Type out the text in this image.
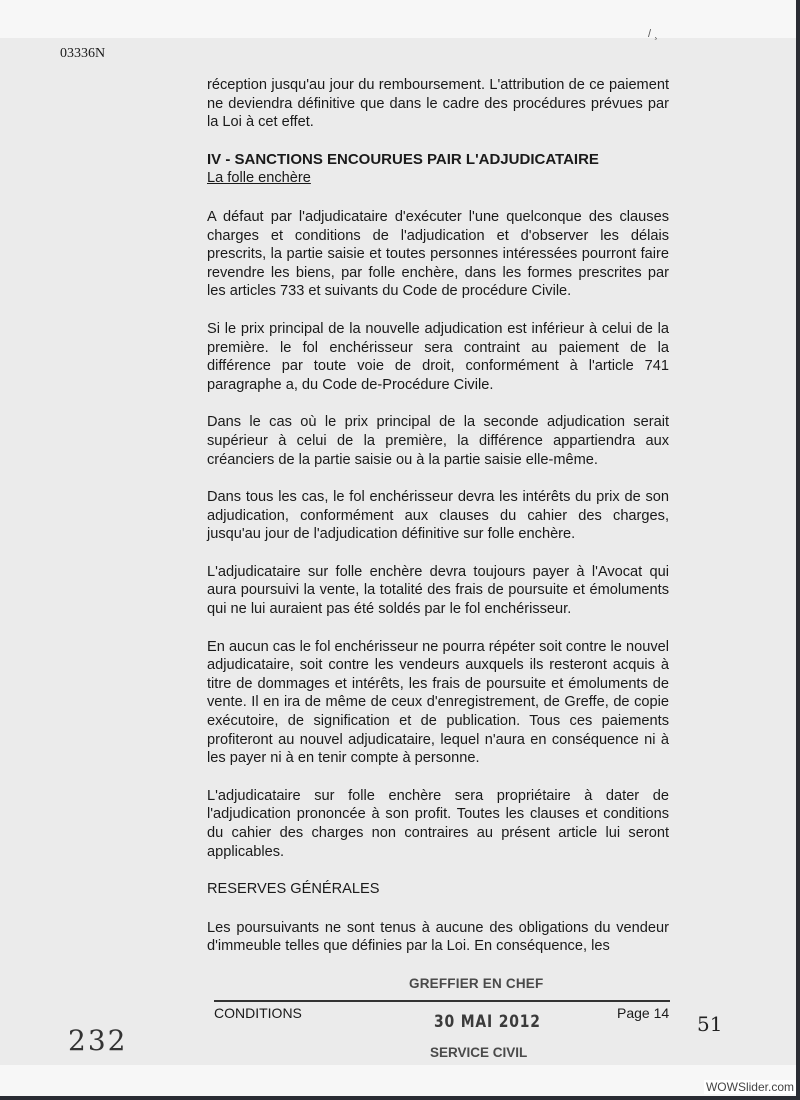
03336N
/ ¸

réception jusqu'au jour du remboursement. L'attribution de ce paiement ne deviendra définitive que dans le cadre des procédures prévues par la Loi à cet effet.

IV - SANCTIONS ENCOURUES PAIR L'ADJUDICATAIRE
La folle enchère

A défaut par l'adjudicataire d'exécuter l'une quelconque des clauses charges et conditions de l'adjudication et d'observer les délais prescrits, la partie saisie et toutes personnes intéressées pourront faire revendre les biens, par folle enchère, dans les formes prescrites par les articles 733 et suivants du Code de procédure Civile.

Si le prix principal de la nouvelle adjudication est inférieur à celui de la première. le fol enchérisseur sera contraint au paiement de la différence par toute voie de droit, conformément à l'article 741 paragraphe a, du Code de-Procédure Civile.

Dans le cas où le prix principal de la seconde adjudication serait supérieur à celui de la première, la différence appartiendra aux créanciers de la partie saisie ou à la partie saisie elle-même.

Dans tous les cas, le fol enchérisseur devra les intérêts du prix de son adjudication, conformément aux clauses du cahier des charges, jusqu'au jour de l'adjudication définitive sur folle enchère.

L'adjudicataire sur folle enchère devra toujours payer à l'Avocat qui aura poursuivi la vente, la totalité des frais de poursuite et émoluments qui ne lui auraient pas été soldés par le fol enchérisseur.

En aucun cas le fol enchérisseur ne pourra répéter soit contre le nouvel adjudicataire, soit contre les vendeurs auxquels ils resteront acquis à titre de dommages et intérêts, les frais de poursuite et émoluments de vente. Il en ira de même de ceux d'enregistrement, de Greffe, de copie exécutoire, de signification et de publication. Tous ces paiements profiteront au nouvel adjudicataire, lequel n'aura en conséquence ni à les payer ni à en tenir compte à personne.

L'adjudicataire sur folle enchère sera propriétaire à dater de l'adjudication prononcée à son profit. Toutes les clauses et conditions du cahier des charges non contraires au présent article lui seront applicables.

RESERVES GÉNÉRALES

Les poursuivants ne sont tenus à aucune des obligations du vendeur d'immeuble telles que définies par la Loi. En conséquence, les

GREFFIER EN CHEF
CONDITIONS	Page 14
30 MAI 2012
SERVICE CIVIL
232	51
WOWSlider.com
